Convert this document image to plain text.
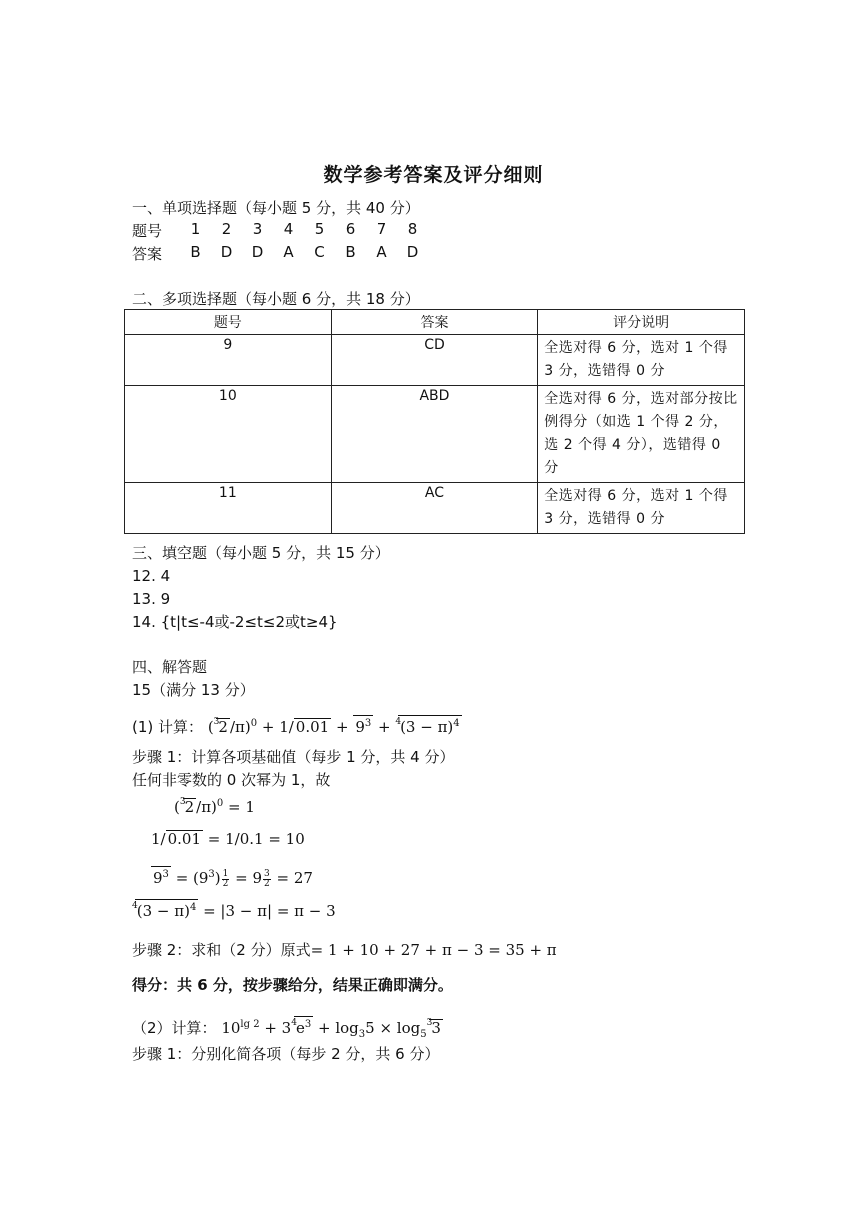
数学参考答案及评分细则
一、单项选择题（每小题 5 分，共 40 分）
题号	1	2	3	4	5	6	7	8
答案	B	D	D	A	C	B	A	D
二、多项选择题（每小题 6 分，共 18 分）
题号	答案	评分说明
9	CD	全选对得 6 分，选对 1 个得 3 分，选错得 0 分
10	ABD	全选对得 6 分，选对部分按比例得分（如选 1 个得 2 分，选 2 个得 4 分），选错得 0 分
11	AC	全选对得 6 分，选对 1 个得 3 分，选错得 0 分
三、填空题（每小题 5 分，共 15 分）
12. 4
13. 9
14. {t|t≤-4或-2≤t≤2或t≥4}
四、解答题
15（满分 13 分）
(1) 计算： ($^3$2 /π)$^0$ + 1/ $0.01 + 9^3 + ^4(3 - \pi)^4$
步骤 1：计算各项基础值（每步 1 分，共 4 分）
任何非零数的 0 次幂为 1，故
($^3$2 /π)$^0$ = 1
1/ 0.01 = 1/0.1 = 10
$9^3 = (9^3) \frac{1}{2} = 9 \frac{3}{2} = 27$
$^4(3 - \pi)^4 = |3 - \pi| = \pi - 3$
步骤 2：求和（2 分）原式= 1 + 10 + 27 + π − 3 = 35 + π
得分：共 6 分，按步骤给分，结果正确即满分。
（2）计算： $10^{lg 2} + 3^4e^3 + \log_35 \times \log_5^33$
步骤 1：分别化简各项（每步 2 分，共 6 分）
